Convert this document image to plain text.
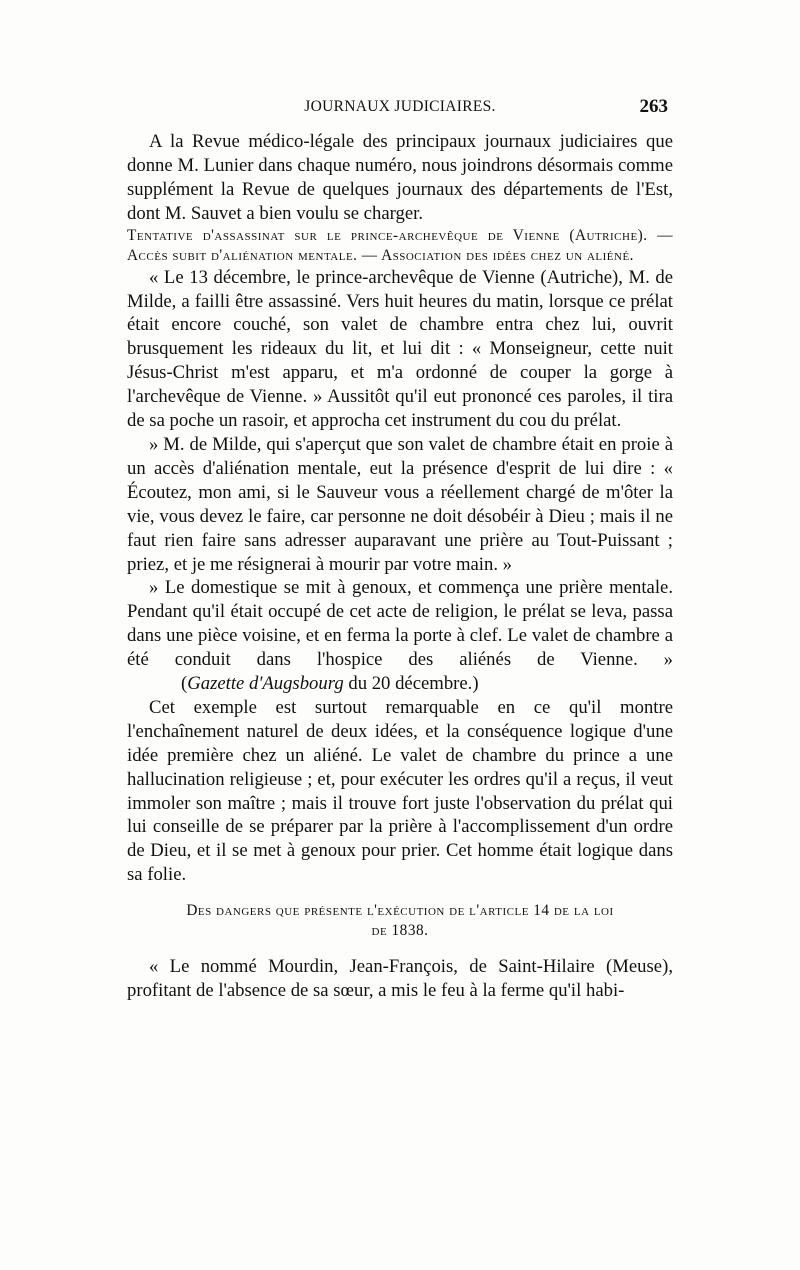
JOURNAUX JUDICIAIRES.	263

A la Revue médico-légale des principaux journaux judiciaires que donne M. Lunier dans chaque numéro, nous joindrons désormais comme supplément la Revue de quelques journaux des départements de l'Est, dont M. Sauvet a bien voulu se charger.

Tentative d'assassinat sur le prince-archevêque de Vienne (Autriche). — Accès subit d'aliénation mentale. — Association des idées chez un aliéné.

« Le 13 décembre, le prince-archevêque de Vienne (Autriche), M. de Milde, a failli être assassiné. Vers huit heures du matin, lorsque ce prélat était encore couché, son valet de chambre entra chez lui, ouvrit brusquement les rideaux du lit, et lui dit : « Monseigneur, cette nuit Jésus-Christ m'est apparu, et m'a ordonné de couper la gorge à l'archevêque de Vienne. » Aussitôt qu'il eut prononcé ces paroles, il tira de sa poche un rasoir, et approcha cet instrument du cou du prélat.

» M. de Milde, qui s'aperçut que son valet de chambre était en proie à un accès d'aliénation mentale, eut la présence d'esprit de lui dire : « Écoutez, mon ami, si le Sauveur vous a réellement chargé de m'ôter la vie, vous devez le faire, car personne ne doit désobéir à Dieu ; mais il ne faut rien faire sans adresser auparavant une prière au Tout-Puissant ; priez, et je me résignerai à mourir par votre main. »

» Le domestique se mit à genoux, et commença une prière mentale. Pendant qu'il était occupé de cet acte de religion, le prélat se leva, passa dans une pièce voisine, et en ferma la porte à clef. Le valet de chambre a été conduit dans l'hospice des aliénés de Vienne. »(Gazette d'Augsbourg du 20 décembre.)

Cet exemple est surtout remarquable en ce qu'il montre l'enchaînement naturel de deux idées, et la conséquence logique d'une idée première chez un aliéné. Le valet de chambre du prince a une hallucination religieuse ; et, pour exécuter les ordres qu'il a reçus, il veut immoler son maître ; mais il trouve fort juste l'observation du prélat qui lui conseille de se préparer par la prière à l'accomplissement d'un ordre de Dieu, et il se met à genoux pour prier. Cet homme était logique dans sa folie.

Des dangers que présente l'exécution de l'article 14 de la loi
de 1838.

« Le nommé Mourdin, Jean-François, de Saint-Hilaire (Meuse), profitant de l'absence de sa sœur, a mis le feu à la ferme qu'il habi-
